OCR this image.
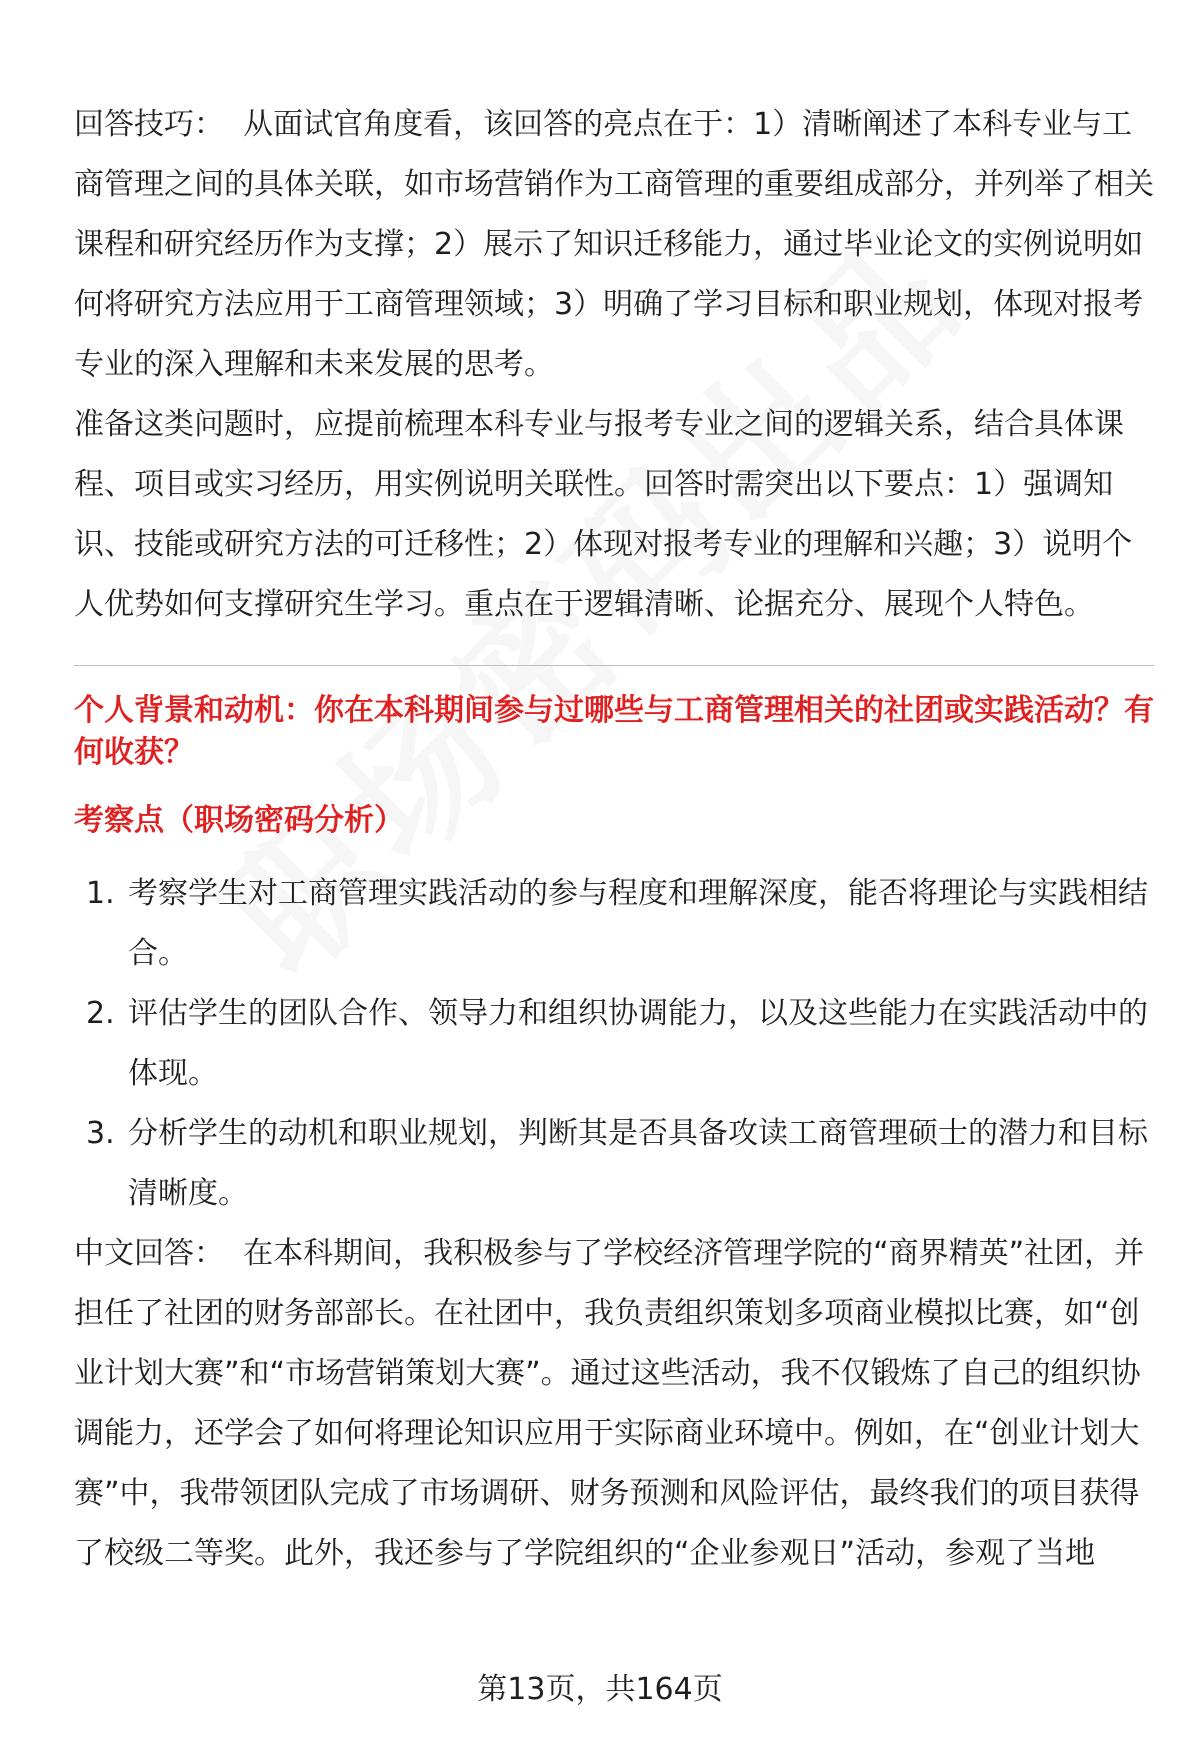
回答技巧： 从面试官角度看，该回答的亮点在于：1）清晰阐述了本科专业与工商管理之间的具体关联，如市场营销作为工商管理的重要组成部分，并列举了相关课程和研究经历作为支撑；2）展示了知识迁移能力，通过毕业论文的实例说明如何将研究方法应用于工商管理领域；3）明确了学习目标和职业规划，体现对报考专业的深入理解和未来发展的思考。

准备这类问题时，应提前梳理本科专业与报考专业之间的逻辑关系，结合具体课程、项目或实习经历，用实例说明关联性。回答时需突出以下要点：1）强调知识、技能或研究方法的可迁移性；2）体现对报考专业的理解和兴趣；3）说明个人优势如何支撑研究生学习。重点在于逻辑清晰、论据充分、展现个人特色。

个人背景和动机：你在本科期间参与过哪些与工商管理相关的社团或实践活动？有何收获？

考察点（职场密码分析）

1. 考察学生对工商管理实践活动的参与程度和理解深度，能否将理论与实践相结合。
2. 评估学生的团队合作、领导力和组织协调能力，以及这些能力在实践活动中的体现。
3. 分析学生的动机和职业规划，判断其是否具备攻读工商管理硕士的潜力和目标清晰度。

中文回答： 在本科期间，我积极参与了学校经济管理学院的“商界精英”社团，并担任了社团的财务部部长。在社团中，我负责组织策划多项商业模拟比赛，如“创业计划大赛”和“市场营销策划大赛”。通过这些活动，我不仅锻炼了自己的组织协调能力，还学会了如何将理论知识应用于实际商业环境中。例如，在“创业计划大赛”中，我带领团队完成了市场调研、财务预测和风险评估，最终我们的项目获得了校级二等奖。此外，我还参与了学院组织的“企业参观日”活动，参观了当地

第13页，共164页
